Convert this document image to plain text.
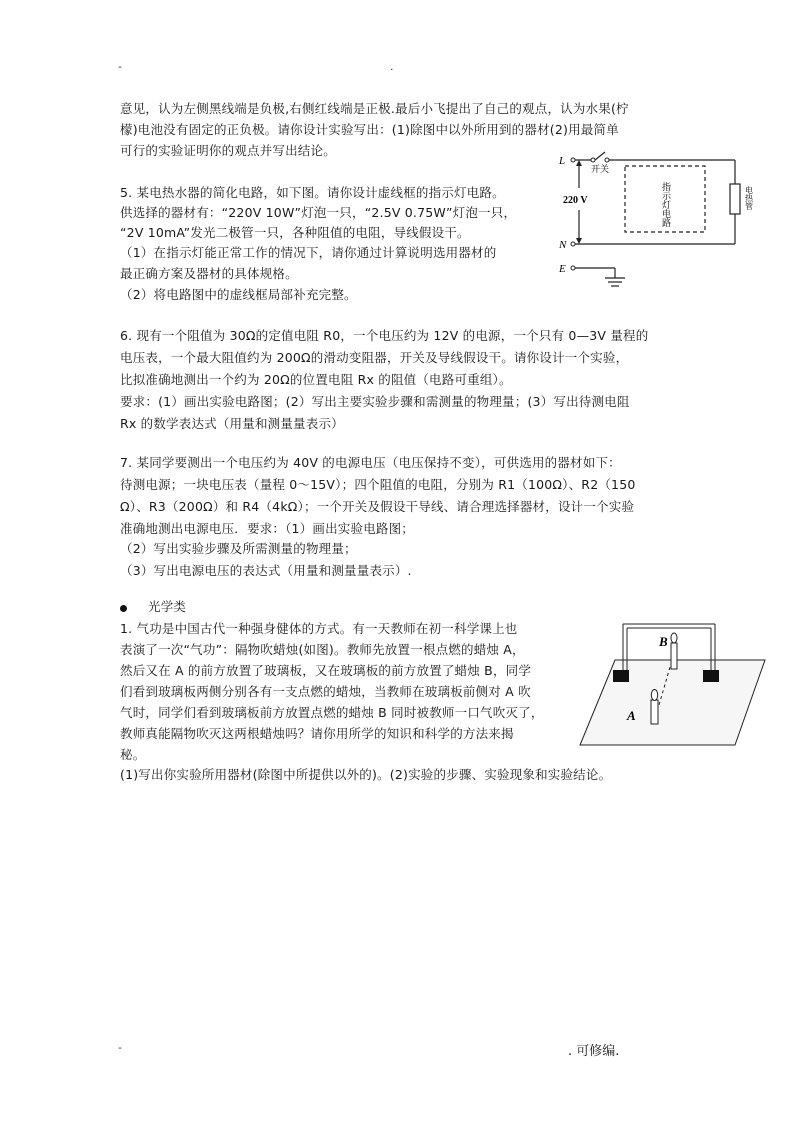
-	.
意见，认为左侧黑线端是负极,右侧红线端是正极.最后小飞提出了自己的观点，认为水果(柠
檬)电池没有固定的正负极。请你设计实验写出：(1)除图中以外所用到的器材(2)用最简单
可行的实验证明你的观点并写出结论。
5. 某电热水器的简化电路，如下图。请你设计虚线框的指示灯电路。
供选择的器材有：“220V 10W”灯泡一只，“2.5V 0.75W”灯泡一只，
“2V 10mA”发光二极管一只，各种阻值的电阻，导线假设干。
（1）在指示灯能正常工作的情况下，请你通过计算说明选用器材的
最正确方案及器材的具体规格。
（2）将电路图中的虚线框局部补充完整。
L
N
E
开关
220 V	指示灯电路	电热管
6. 现有一个阻值为 30Ω的定值电阻 R0，一个电压约为 12V 的电源，一个只有 0—3V 量程的
电压表，一个最大阻值约为 200Ω的滑动变阻器，开关及导线假设干。请你设计一个实验，
比拟准确地测出一个约为 20Ω的位置电阻 Rx 的阻值（电路可重组）。
要求：(1）画出实验电路图；(2）写出主要实验步骤和需测量的物理量；(3）写出待测电阻
Rx 的数学表达式（用量和测量量表示）
7. 某同学要测出一个电压约为 40V 的电源电压（电压保持不变），可供选用的器材如下：
待测电源；一块电压表（量程 0～15V）；四个阻值的电阻，分别为 R1（100Ω）、R2（150
Ω）、R3（200Ω）和 R4（4kΩ）；一个开关及假设干导线、请合理选择器材，设计一个实验
准确地测出电源电压．要求：（1）画出实验电路图；
（2）写出实验步骤及所需测量的物理量；
（3）写出电源电压的表达式（用量和测量量表示）.
光学类
1. 气功是中国古代一种强身健体的方式。有一天教师在初一科学课上也
表演了一次“气功”：隔物吹蜡烛(如图)。教师先放置一根点燃的蜡烛 A，
然后又在 A 的前方放置了玻璃板，又在玻璃板的前方放置了蜡烛 B，同学
们看到玻璃板两侧分别各有一支点燃的蜡烛，当教师在玻璃板前侧对 A 吹
气时，同学们看到玻璃板前方放置点燃的蜡烛 B 同时被教师一口气吹灭了，
教师真能隔物吹灭这两根蜡烛吗？请你用所学的知识和科学的方法来揭
秘。
(1)写出你实验所用器材(除图中所提供以外的)。(2)实验的步骤、实验现象和实验结论。
B
A
-	. 可修编.
